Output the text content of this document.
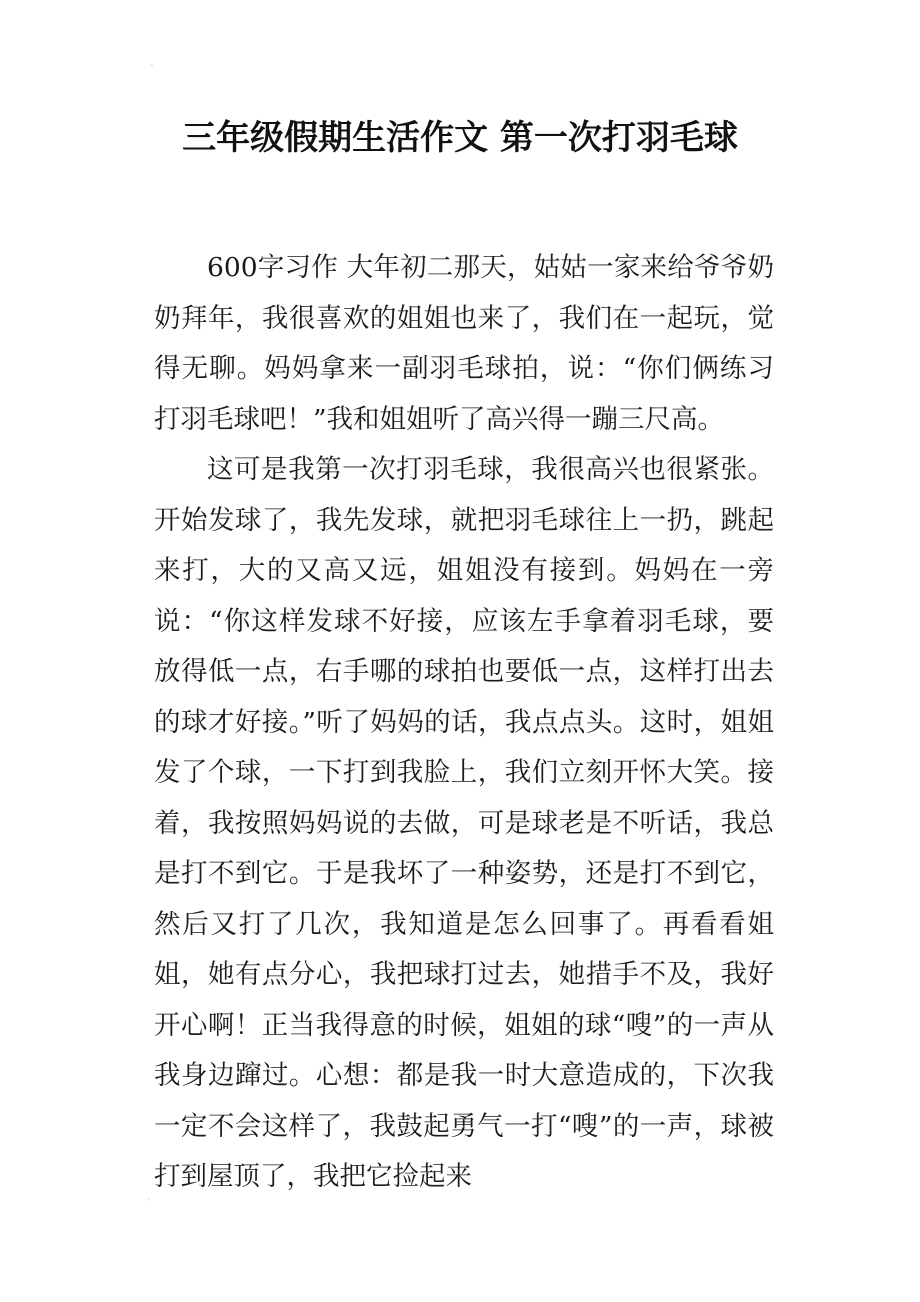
ˋ
三年级假期生活作文 第一次打羽毛球

600字习作 大年初二那天，姑姑一家来给爷爷奶奶拜年，我很喜欢的姐姐也来了，我们在一起玩，觉得无聊。妈妈拿来一副羽毛球拍，说：“你们俩练习打羽毛球吧！”我和姐姐听了高兴得一蹦三尺高。

这可是我第一次打羽毛球，我很高兴也很紧张。开始发球了，我先发球，就把羽毛球往上一扔，跳起来打，大的又高又远，姐姐没有接到。妈妈在一旁说：“你这样发球不好接，应该左手拿着羽毛球，要放得低一点，右手哪的球拍也要低一点，这样打出去的球才好接。”听了妈妈的话，我点点头。这时，姐姐发了个球，一下打到我脸上，我们立刻开怀大笑。接着，我按照妈妈说的去做，可是球老是不听话，我总是打不到它。于是我坏了一种姿势，还是打不到它，然后又打了几次，我知道是怎么回事了。再看看姐姐，她有点分心，我把球打过去，她措手不及，我好开心啊！正当我得意的时候，姐姐的球“嗖”的一声从我身边蹿过。心想：都是我一时大意造成的，下次我一定不会这样了，我鼓起勇气一打“嗖”的一声，球被打到屋顶了，我把它捡起来

ˏ
